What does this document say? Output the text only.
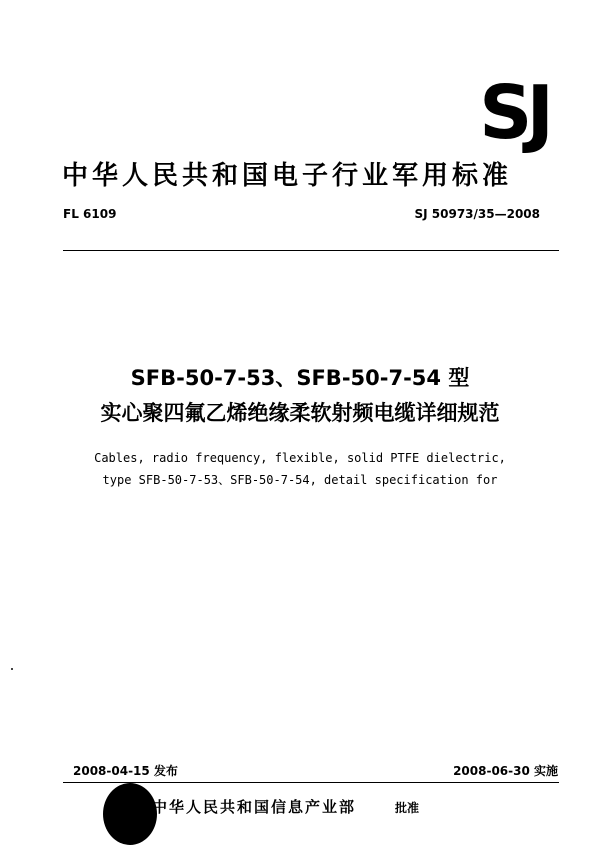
SJ
中华人民共和国电子行业军用标准
FL 6109	SJ 50973/35—2008
SFB-50-7-53、SFB-50-7-54 型
实心聚四氟乙烯绝缘柔软射频电缆详细规范
Cables, radio frequency, flexible, solid PTFE dielectric,
type SFB-50-7-53、SFB-50-7-54, detail specification for
2008-04-15 发布	2008-06-30 实施
中华人民共和国信息产业部	批准
